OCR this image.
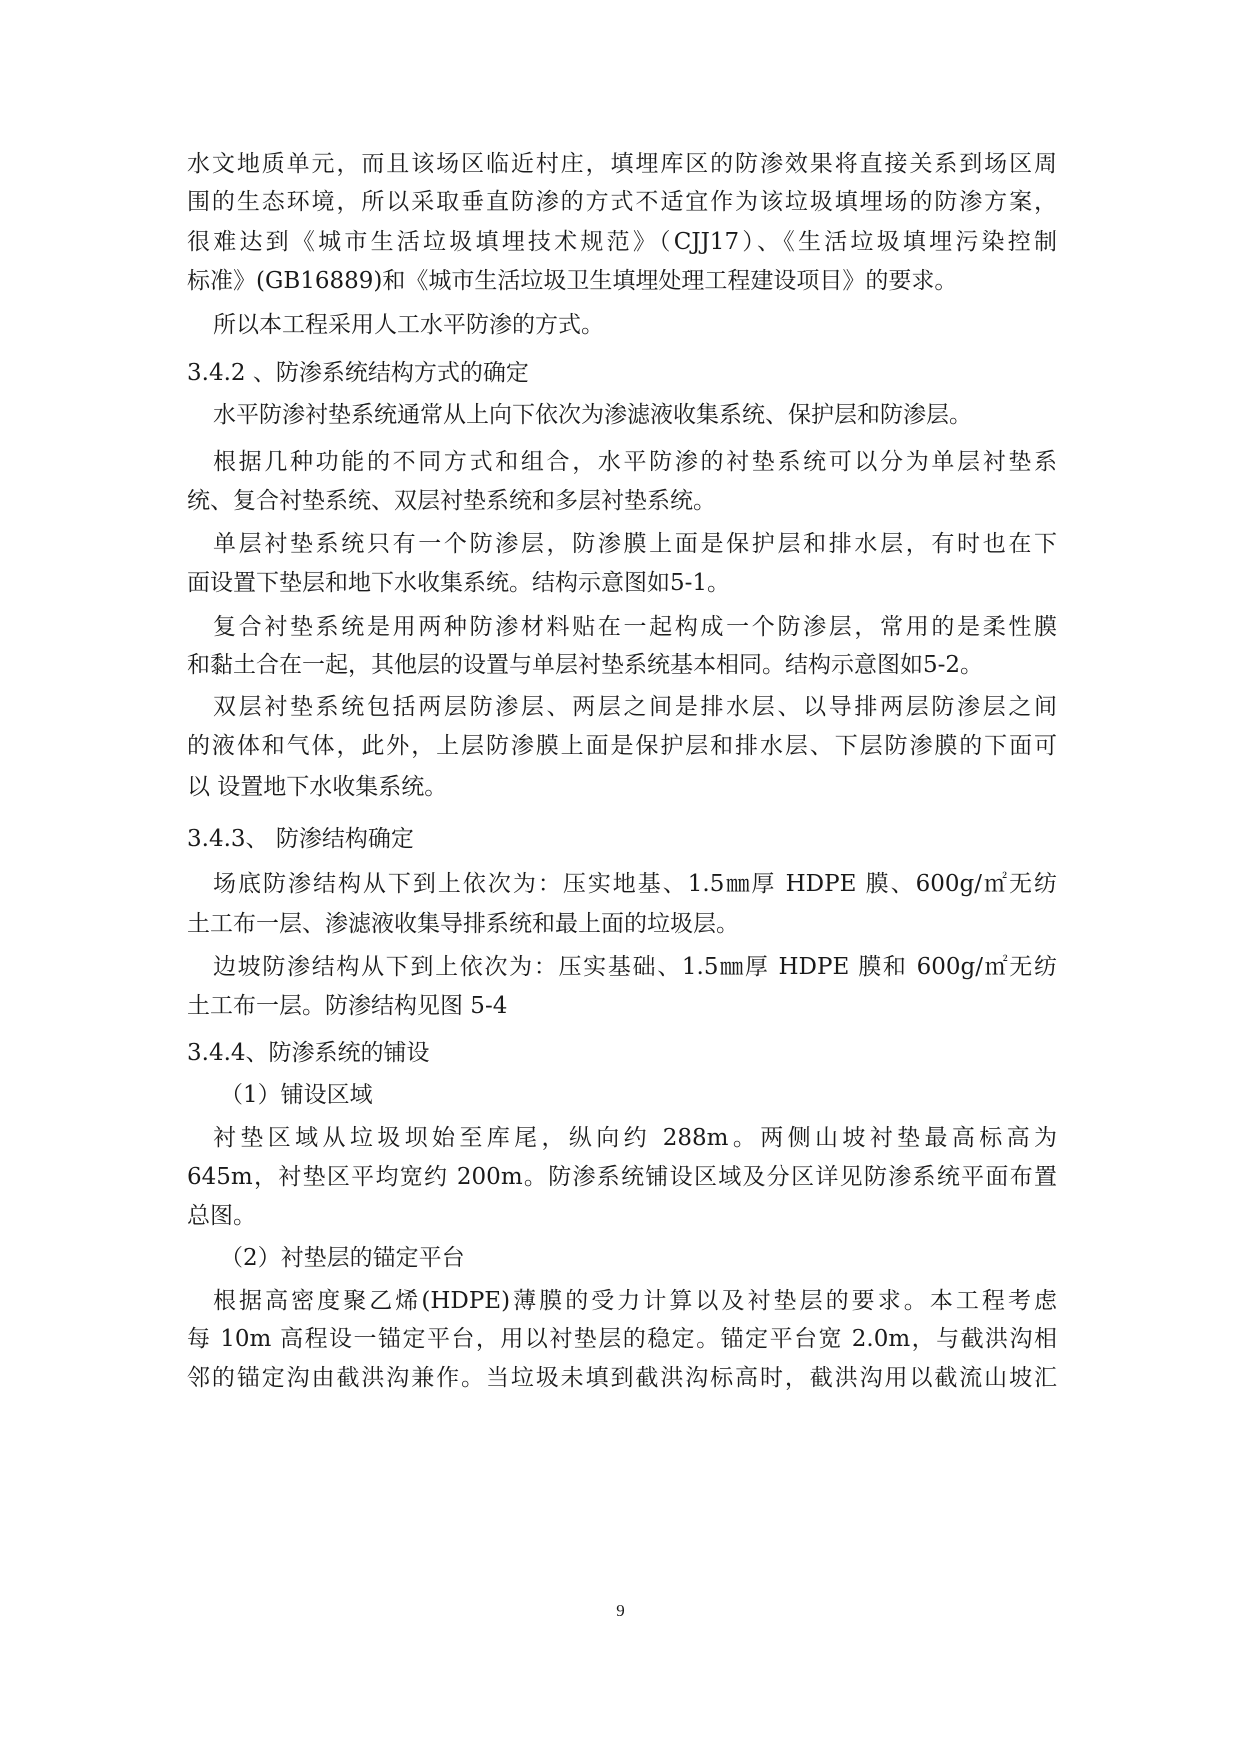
水文地质单元，而且该场区临近村庄，填埋库区的防渗效果将直接关系到场区周
围的生态环境，所以采取垂直防渗的方式不适宜作为该垃圾填埋场的防渗方案，
很难达到《城市生活垃圾填埋技术规范》（CJJ17）、《生活垃圾填埋污染控制
标准》(GB16889)和《城市生活垃圾卫生填埋处理工程建设项目》的要求。
所以本工程采用人工水平防渗的方式。
3.4.2 、防渗系统结构方式的确定
水平防渗衬垫系统通常从上向下依次为渗滤液收集系统、保护层和防渗层。
根据几种功能的不同方式和组合，水平防渗的衬垫系统可以分为单层衬垫系
统、复合衬垫系统、双层衬垫系统和多层衬垫系统。
单层衬垫系统只有一个防渗层，防渗膜上面是保护层和排水层，有时也在下
面设置下垫层和地下水收集系统。结构示意图如5-1。
复合衬垫系统是用两种防渗材料贴在一起构成一个防渗层，常用的是柔性膜
和黏土合在一起，其他层的设置与单层衬垫系统基本相同。结构示意图如5-2。
双层衬垫系统包括两层防渗层、两层之间是排水层、以导排两层防渗层之间
的液体和气体，此外，上层防渗膜上面是保护层和排水层、下层防渗膜的下面可
以 设置地下水收集系统。
3.4.3、 防渗结构确定
场底防渗结构从下到上依次为：压实地基、1.5㎜厚 HDPE 膜、600g/㎡无纺
土工布一层、渗滤液收集导排系统和最上面的垃圾层。
边坡防渗结构从下到上依次为：压实基础、1.5㎜厚 HDPE 膜和 600g/㎡无纺
土工布一层。防渗结构见图 5-4
3.4.4、防渗系统的铺设
（1）铺设区域
衬垫区域从垃圾坝始至库尾，纵向约 288m。两侧山坡衬垫最高标高为
645m，衬垫区平均宽约 200m。防渗系统铺设区域及分区详见防渗系统平面布置
总图。
（2）衬垫层的锚定平台
根据高密度聚乙烯(HDPE)薄膜的受力计算以及衬垫层的要求。本工程考虑
每 10m 高程设一锚定平台，用以衬垫层的稳定。锚定平台宽 2.0m，与截洪沟相
邻的锚定沟由截洪沟兼作。当垃圾未填到截洪沟标高时，截洪沟用以截流山坡汇
9
